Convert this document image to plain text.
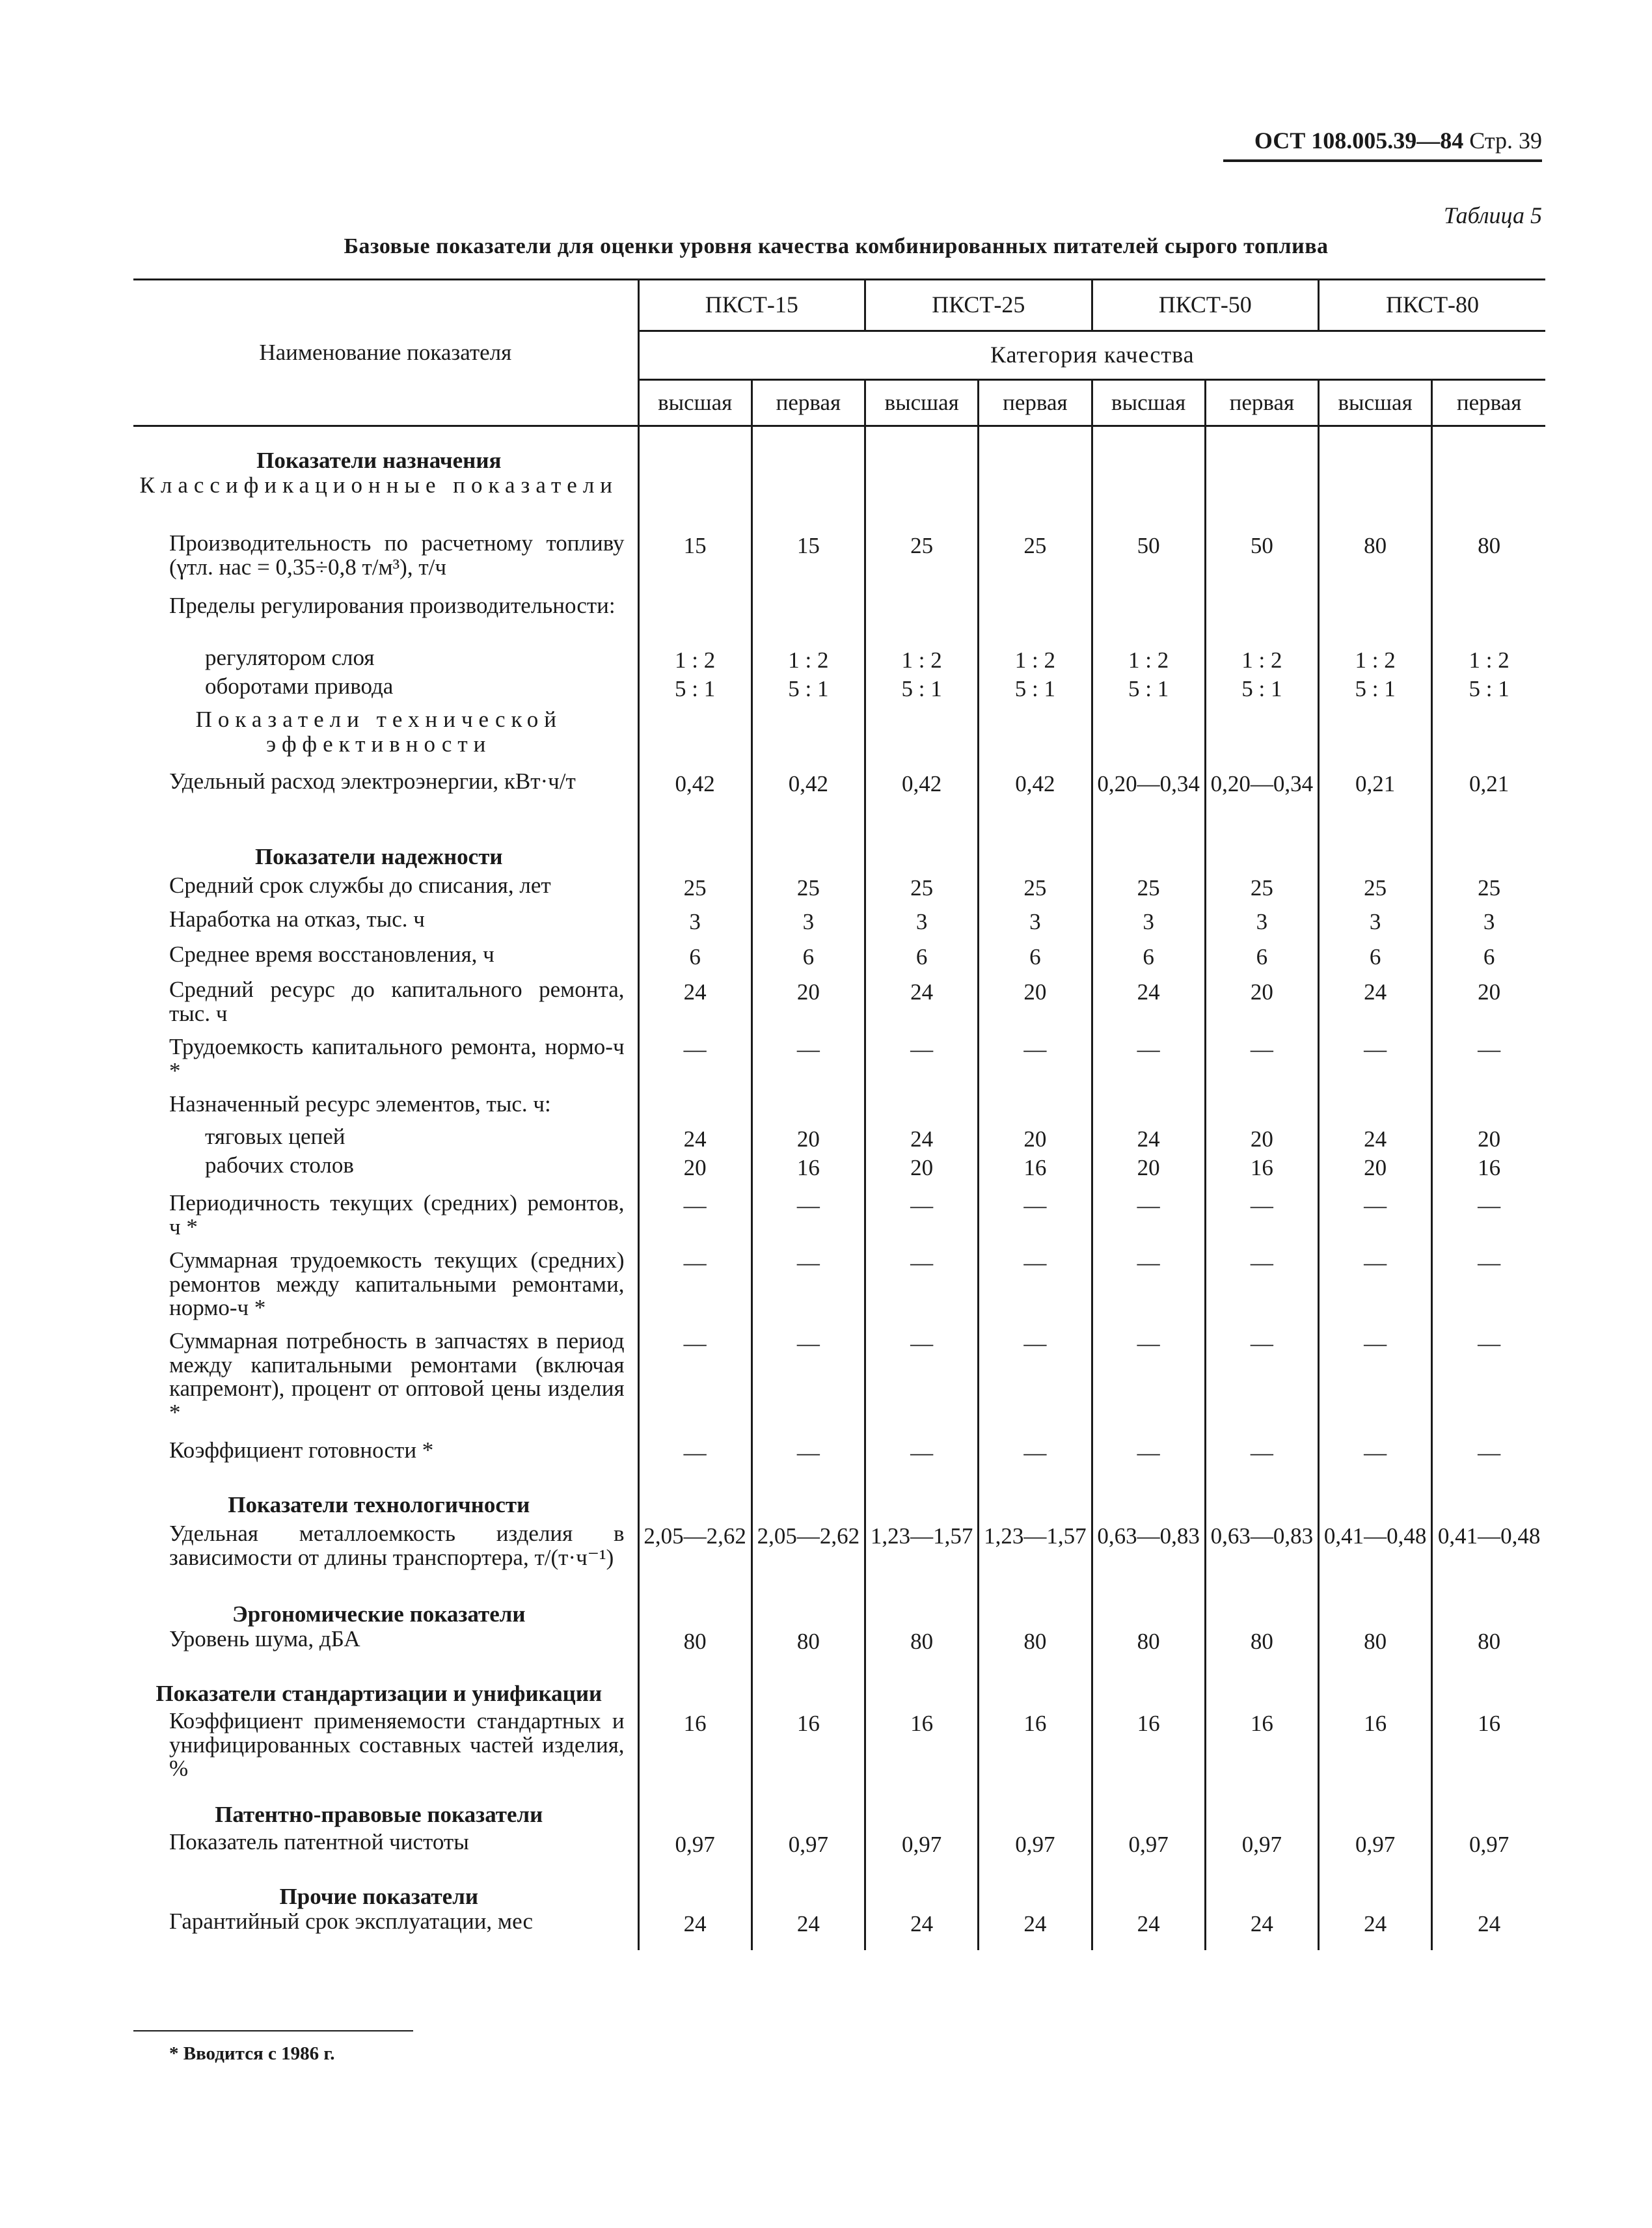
ОСТ 108.005.39—84 Стр. 39
Таблица 5
Базовые показатели для оценки уровня качества комбинированных питателей сырого топлива
Наименование показателя	ПКСТ-15		ПКСТ-25		ПКСТ-50		ПКСТ-80	
	Категория качества							
	высшая	первая	высшая	первая	высшая	первая	высшая	первая

Показатели назначения								

Классификационные показатели								

Производительность по расчетному топливу (γтл. нас = 0,35÷0,8 т/м³), т/ч	15	15	25	25	50	50	80	80

Пределы регулирования производительности:								

регулятором слоя	1 : 2	1 : 2	1 : 2	1 : 2	1 : 2	1 : 2	1 : 2	1 : 2

оборотами привода	5 : 1	5 : 1	5 : 1	5 : 1	5 : 1	5 : 1	5 : 1	5 : 1

Показатели технической эффективности								

Удельный расход электроэнергии, кВт·ч/т	0,42	0,42	0,42	0,42	0,20—0,34	0,20—0,34	0,21	0,21

Показатели надежности								

Средний срок службы до списания, лет	25	25	25	25	25	25	25	25

Наработка на отказ, тыс. ч	3	3	3	3	3	3	3	3

Среднее время восстановления, ч	6	6	6	6	6	6	6	6

Средний ресурс до капитального ремонта, тыс. ч	24	20	24	20	24	20	24	20

Трудоемкость капитального ремонта, нормо-ч *	—	—	—	—	—	—	—	—

Назначенный ресурс элементов, тыс. ч:								

тяговых цепей	24	20	24	20	24	20	24	20

рабочих столов	20	16	20	16	20	16	20	16

Периодичность текущих (средних) ремонтов, ч *	—	—	—	—	—	—	—	—

Суммарная трудоемкость текущих (средних) ремонтов между капитальными ремонтами, нормо-ч *	—	—	—	—	—	—	—	—

Суммарная потребность в запчастях в период между капитальными ремонтами (включая капремонт), процент от оптовой цены изделия *	—	—	—	—	—	—	—	—

Коэффициент готовности *	—	—	—	—	—	—	—	—

Показатели технологичности								

Удельная металлоемкость изделия в зависимости от длины транспортера, т/(т·ч⁻¹)	2,05—2,62	2,05—2,62	1,23—1,57	1,23—1,57	0,63—0,83	0,63—0,83	0,41—0,48	0,41—0,48

Эргономические показатели								

Уровень шума, дБА	80	80	80	80	80	80	80	80

Показатели стандартизации и унификации								

Коэффициент применяемости стандартных и унифицированных составных частей изделия, %	16	16	16	16	16	16	16	16

Патентно-правовые показатели								

Показатель патентной чистоты	0,97	0,97	0,97	0,97	0,97	0,97	0,97	0,97

Прочие показатели								

Гарантийный срок эксплуатации, мес	24	24	24	24	24	24	24	24
* Вводится с 1986 г.
